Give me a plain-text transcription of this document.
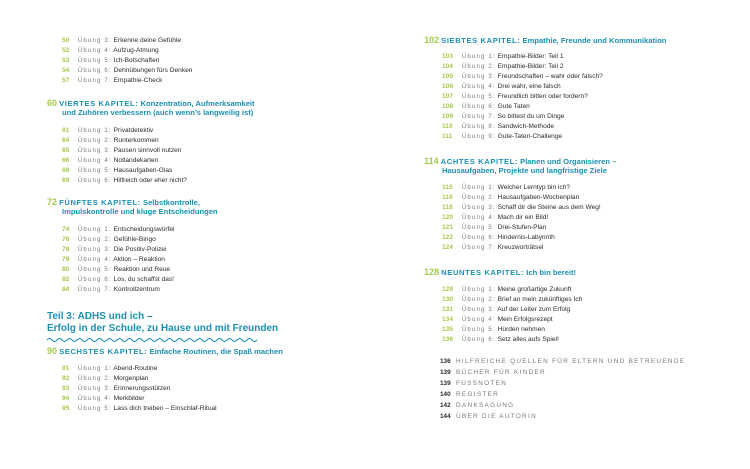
50 Übung 3: Erkenne deine Gefühle
52 Übung 4: Aufzug-Atmung
53 Übung 5: Ich-Botschaften
54 Übung 6: Dehnübungen fürs Denken
57 Übung 7: Empathie-Check
60 VIERTES KAPITEL: Konzentration, Aufmerksamkeit
und Zuhören verbessern (auch wenn’s langweilig ist)
61 Übung 1: Privatdetektiv
64 Übung 2: Runterkommen
65 Übung 3: Pausen sinnvoll nutzen
66 Übung 4: Notlandekarten
68 Übung 5: Hausaufgaben-Glas
69 Übung 6: Hilfreich oder eher nicht?
72 FÜNFTES KAPITEL: Selbstkontrolle,
Impulskontrolle und kluge Entscheidungen
74 Übung 1: Entscheidungswürfel
76 Übung 2: Gefühle-Bingo
78 Übung 3: Die Positiv-Polizei
79 Übung 4: Aktion – Reaktion
80 Übung 5: Reaktion und Reue
82 Übung 6: Los, du schaffst das!
84 Übung 7: Kontrollzentrum
Teil 3: ADHS und ich –
Erfolg in der Schule, zu Hause und mit Freunden
90 SECHSTES KAPITEL: Einfache Routinen, die Spaß machen
91 Übung 1: Abend-Routine
92 Übung 2: Morgenplan
93 Übung 3: Erinnerungsstützen
94 Übung 4: Merkbilder
95 Übung 5: Lass dich treiben – Einschlaf-Ritual
102 SIEBTES KAPITEL: Empathie, Freunde und Kommunikation
103 Übung 1: Empathie-Bilder: Teil 1
104 Übung 2: Empathie-Bilder: Teil 2
105 Übung 3: Freundschaften – wahr oder falsch?
106 Übung 4: Drei wahr, eine falsch
107 Übung 5: Freundlich bitten oder fordern?
108 Übung 6: Gute Taten
109 Übung 7: So bittest du um Dinge
110 Übung 8: Sandwich-Methode
111 Übung 9: Gute-Taten-Challenge
114 ACHTES KAPITEL: Planen und Organisieren –
Hausaufgaben, Projekte und langfristige Ziele
115 Übung 1: Welcher Lerntyp bin ich?
116 Übung 2: Hausaufgaben-Wochenplan
118 Übung 3: Schaff dir die Steine aus dem Weg!
120 Übung 4: Mach dir ein Bild!
121 Übung 5: Drei-Stufen-Plan
122 Übung 6: Hindernis-Labyrinth
124 Übung 7: Kreuzworträtsel
128 NEUNTES KAPITEL: Ich bin bereit!
129 Übung 1: Meine großartige Zukunft
130 Übung 2: Brief an mein zukünftiges Ich
131 Übung 3: Auf der Leiter zum Erfolg
134 Übung 4: Mein Erfolgsrezept
135 Übung 5: Hürden nehmen
136 Übung 6: Setz alles aufs Spiel!
136 HILFREICHE QUELLEN FÜR ELTERN UND BETREUENDE
139 BÜCHER FÜR KINDER
139 FUSSNOTEN
140 REGISTER
142 DANKSAGUNG
144 ÜBER DIE AUTORIN
